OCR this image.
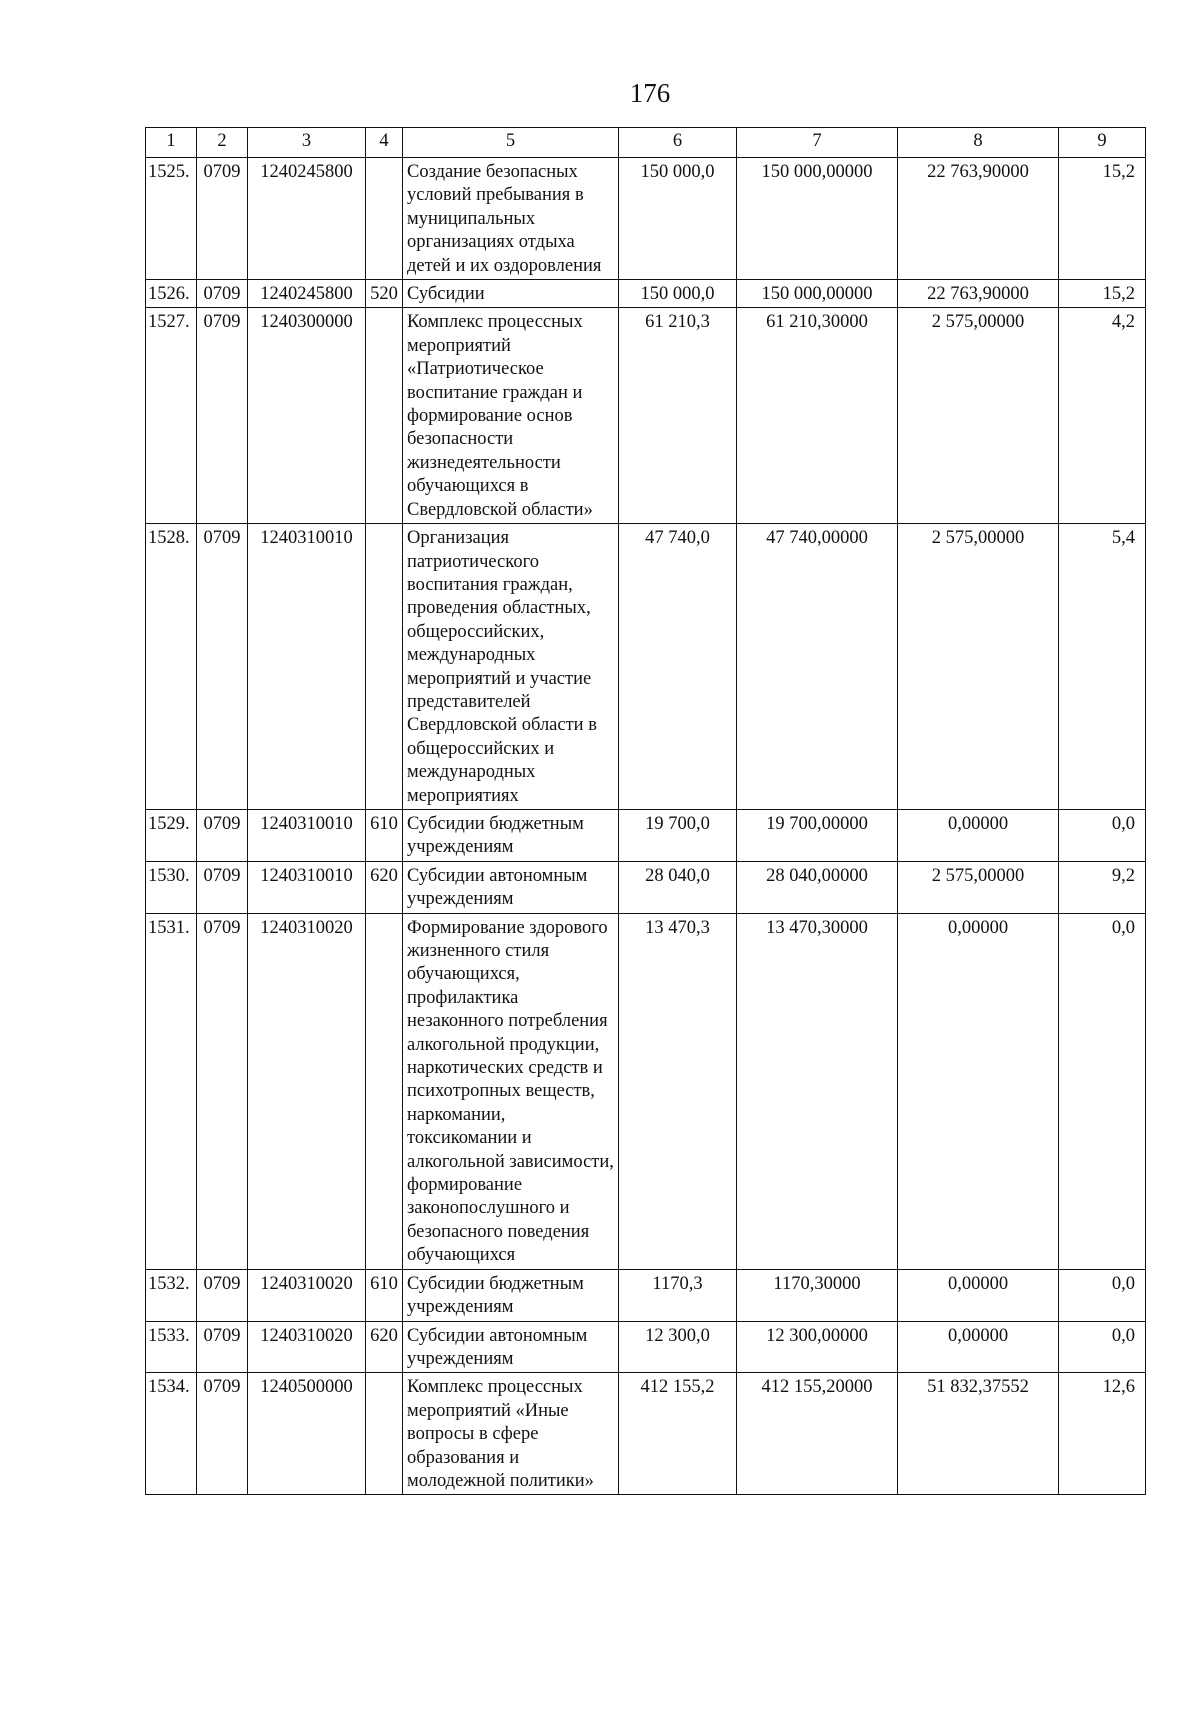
176
1	2	3	4	5	6	7	8	9
1525.	0709	1240245800		Создание безопасных условий пребывания в муниципальных организациях отдыха детей и их оздоровления	150 000,0	150 000,00000	22 763,90000	15,2
1526.	0709	1240245800	520	Субсидии	150 000,0	150 000,00000	22 763,90000	15,2
1527.	0709	1240300000		Комплекс процессных мероприятий «Патриотическое воспитание граждан и формирование основ безопасности жизнедеятельности обучающихся в Свердловской области»	61 210,3	61 210,30000	2 575,00000	4,2
1528.	0709	1240310010		Организация патриотического воспитания граждан, проведения областных, общероссийских, международных мероприятий и участие представителей Свердловской области в общероссийских и международных мероприятиях	47 740,0	47 740,00000	2 575,00000	5,4
1529.	0709	1240310010	610	Субсидии бюджетным учреждениям	19 700,0	19 700,00000	0,00000	0,0
1530.	0709	1240310010	620	Субсидии автономным учреждениям	28 040,0	28 040,00000	2 575,00000	9,2
1531.	0709	1240310020		Формирование здорового жизненного стиля обучающихся, профилактика незаконного потребления алкогольной продукции, наркотических средств и психотропных веществ, наркомании, токсикомании и алкогольной зависимости, формирование законопослушного и безопасного поведения обучающихся	13 470,3	13 470,30000	0,00000	0,0
1532.	0709	1240310020	610	Субсидии бюджетным учреждениям	1170,3	1170,30000	0,00000	0,0
1533.	0709	1240310020	620	Субсидии автономным учреждениям	12 300,0	12 300,00000	0,00000	0,0
1534.	0709	1240500000		Комплекс процессных мероприятий «Иные вопросы в сфере образования и молодежной политики»	412 155,2	412 155,20000	51 832,37552	12,6
